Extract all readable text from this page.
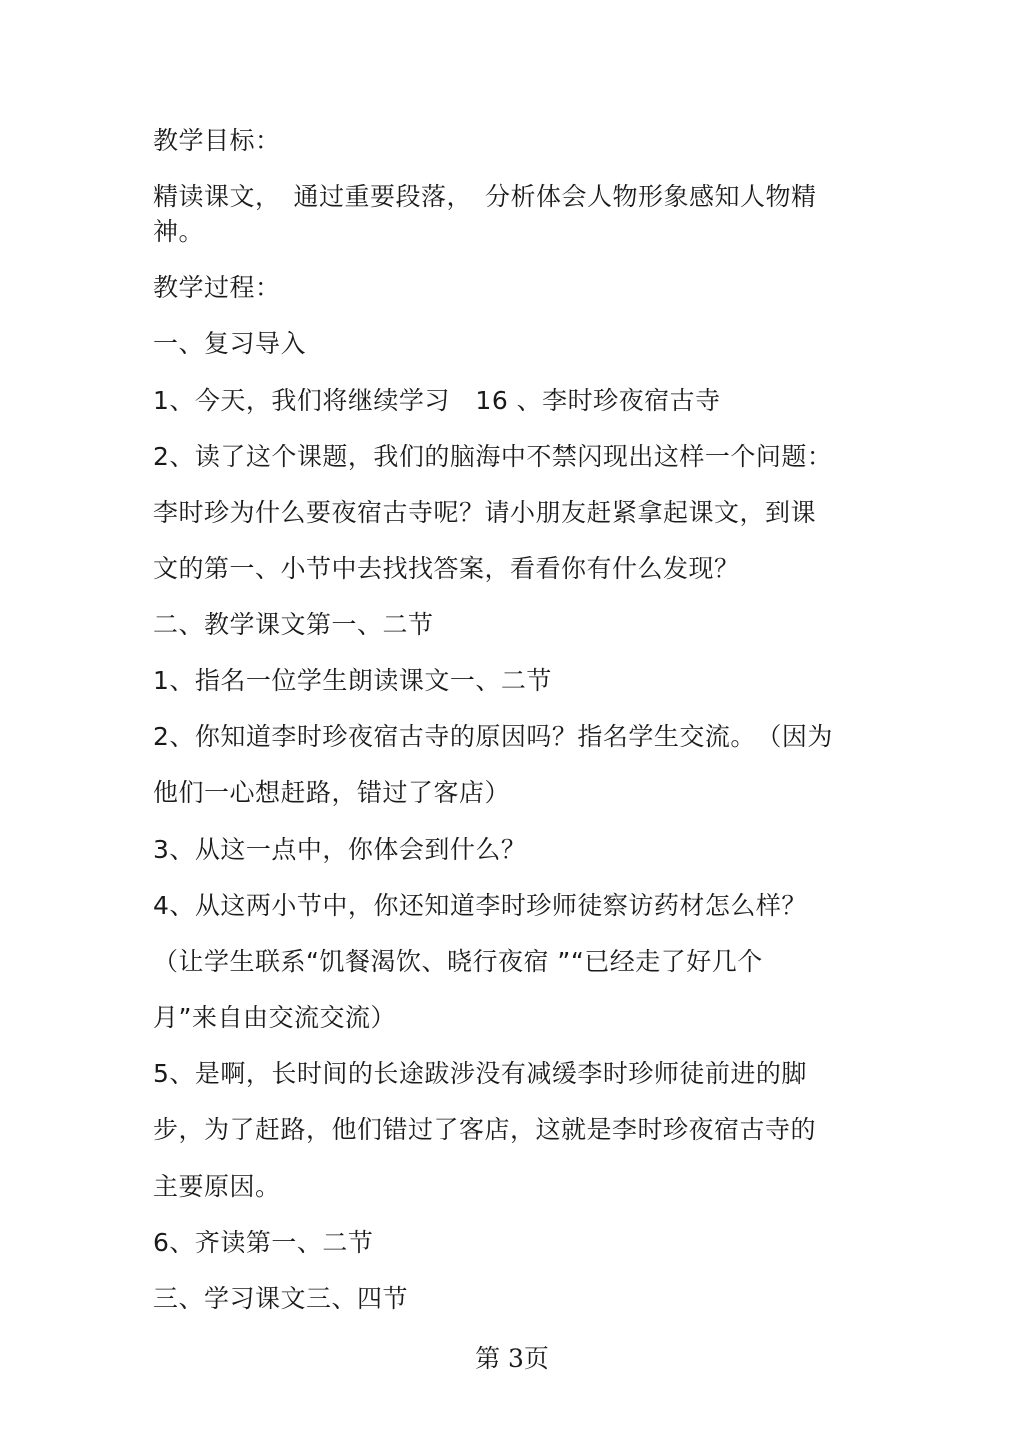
教学目标：
精读课文，　通过重要段落，　分析体会人物形象感知人物精
神。
教学过程：
一、复习导入
1、今天，我们将继续学习　16 、李时珍夜宿古寺
2、读了这个课题，我们的脑海中不禁闪现出这样一个问题：
李时珍为什么要夜宿古寺呢？请小朋友赶紧拿起课文，到课
文的第一、小节中去找找答案，看看你有什么发现？
二、教学课文第一、二节
1、指名一位学生朗读课文一、二节
2、你知道李时珍夜宿古寺的原因吗？指名学生交流。　（因为
他们一心想赶路，错过了客店）
3、从这一点中，你体会到什么？
4、从这两小节中，你还知道李时珍师徒察访药材怎么样？
（让学生联系“饥餐渴饮、晓行夜宿 ”“已经走了好几个
月”来自由交流交流）
5、是啊，长时间的长途跋涉没有减缓李时珍师徒前进的脚
步，为了赶路，他们错过了客店，这就是李时珍夜宿古寺的
主要原因。
6、齐读第一、二节
三、学习课文三、四节
第 3页
